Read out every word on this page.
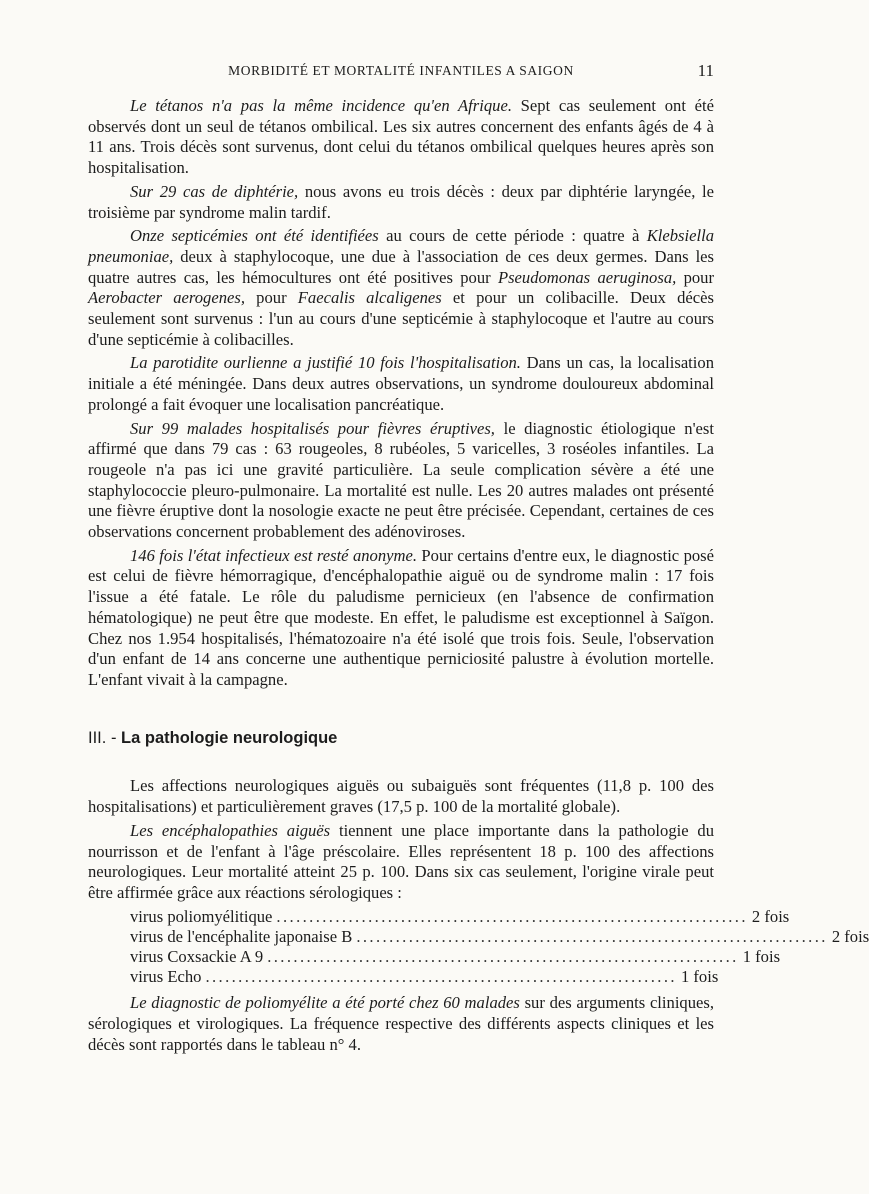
MORBIDITÉ ET MORTALITÉ INFANTILES A SAIGON	11

Le tétanos n'a pas la même incidence qu'en Afrique. Sept cas seulement ont été observés dont un seul de tétanos ombilical. Les six autres concernent des enfants âgés de 4 à 11 ans. Trois décès sont survenus, dont celui du tétanos ombilical quelques heures après son hospitalisation.

Sur 29 cas de diphtérie, nous avons eu trois décès : deux par diphtérie laryngée, le troisième par syndrome malin tardif.

Onze septicémies ont été identifiées au cours de cette période : quatre à Klebsiella pneumoniae, deux à staphylocoque, une due à l'association de ces deux germes. Dans les quatre autres cas, les hémocultures ont été positives pour Pseudomonas aeruginosa, pour Aerobacter aerogenes, pour Faecalis alcaligenes et pour un colibacille. Deux décès seulement sont survenus : l'un au cours d'une septicémie à staphylocoque et l'autre au cours d'une septicémie à colibacilles.

La parotidite ourlienne a justifié 10 fois l'hospitalisation. Dans un cas, la localisation initiale a été méningée. Dans deux autres observations, un syndrome douloureux abdominal prolongé a fait évoquer une localisation pancréatique.

Sur 99 malades hospitalisés pour fièvres éruptives, le diagnostic étiologique n'est affirmé que dans 79 cas : 63 rougeoles, 8 rubéoles, 5 varicelles, 3 roséoles infantiles. La rougeole n'a pas ici une gravité particulière. La seule complication sévère a été une staphylococcie pleuro-pulmonaire. La mortalité est nulle. Les 20 autres malades ont présenté une fièvre éruptive dont la nosologie exacte ne peut être précisée. Cependant, certaines de ces observations concernent probablement des adénoviroses.

146 fois l'état infectieux est resté anonyme. Pour certains d'entre eux, le diagnostic posé est celui de fièvre hémorragique, d'encéphalopathie aiguë ou de syndrome malin : 17 fois l'issue a été fatale. Le rôle du paludisme pernicieux (en l'absence de confirmation hématologique) ne peut être que modeste. En effet, le paludisme est exceptionnel à Saïgon. Chez nos 1.954 hospitalisés, l'hématozoaire n'a été isolé que trois fois. Seule, l'observation d'un enfant de 14 ans concerne une authentique perniciosité palustre à évolution mortelle. L'enfant vivait à la campagne.

III. - La pathologie neurologique

Les affections neurologiques aiguës ou subaiguës sont fréquentes (11,8 p. 100 des hospitalisations) et particulièrement graves (17,5 p. 100 de la mortalité globale).

Les encéphalopathies aiguës tiennent une place importante dans la pathologie du nourrisson et de l'enfant à l'âge préscolaire. Elles représentent 18 p. 100 des affections neurologiques. Leur mortalité atteint 25 p. 100. Dans six cas seulement, l'origine virale peut être affirmée grâce aux réactions sérologiques :

virus poliomyélitique ........................................................................ 2 fois
virus de l'encéphalite japonaise B ........................................................................ 2 fois
virus Coxsackie A 9 ........................................................................ 1 fois
virus Echo ........................................................................ 1 fois

Le diagnostic de poliomyélite a été porté chez 60 malades sur des arguments cliniques, sérologiques et virologiques. La fréquence respective des différents aspects cliniques et les décès sont rapportés dans le tableau n° 4.
